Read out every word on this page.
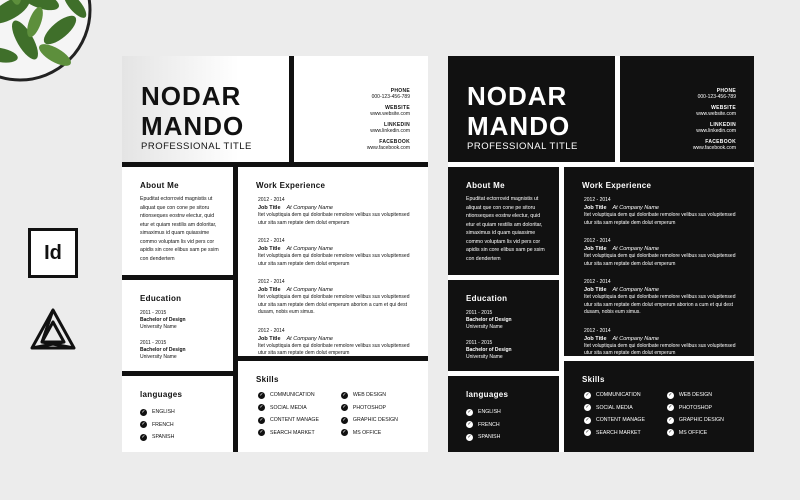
Id
NODAR
MANDO
PROFESSIONAL TITLE
PHONE
000-123-456-789
WEBSITE
www.website.com
LINKEDIN
www.linkedin.com
FACEBOOK
www.facebook.com
About Me
Epuditat ectorrovid magnistis ut aliquat que con cone pe sitoru ntionseques eostrw electur, quid etur et quiam restilis am doloritar, simaximus id quam quiassime commo voluptam lis vid pers cor apidis sin core elibus sam pe ssim con dendertem
Education
2011 - 2015
Bachelor of Design
University Name
2011 - 2015
Bachelor of Design
University Name
languages
✓ ENGLISH
✓ FRENCH
✓ SPANISH
Work Experience
2012 - 2014
Job Title At Company Name
Itet voluptiquia dem qui doloribate remolore velibus sus volupitensed utur sita sam reptate dem dolut emperum
2012 - 2014
Job Title At Company Name
Itet voluptiquia dem qui doloribate remolore velibus sus volupitensed utur sita sam reptate dem dolut emperum
2012 - 2014
Job Title At Company Name
Itet voluptiquia dem qui doloribate remolore velibus sus volupitensed utur sita sam reptate dem dolut emperum aborion a cum et qui dest dusam, nobis eum simus.
2012 - 2014
Job Title At Company Name
Itet voluptiquia dem qui doloribate remolore velibus sus volupitensed utur sita sam reptate dem dolut emperum
Skills
✓ COMMUNICATION
✓ SOCIAL MEDIA
✓ CONTENT MANAGE
✓ SEARCH MARKET
✓ WEB DESIGN
✓ PHOTOSHOP
✓ GRAPHIC DESIGN
✓ MS OFFICE
NODAR
MANDO
PROFESSIONAL TITLE
PHONE
000-123-456-789
WEBSITE
www.website.com
LINKEDIN
www.linkedin.com
FACEBOOK
www.facebook.com
About Me
Epuditat ectorrovid magnistis ut aliquat que con cone pe sitoru ntionseques eostrw electur, quid etur et quiam restilis am doloritar, simaximus id quam quiassime commo voluptam lis vid pers cor apidis sin core elibus sam pe ssim con dendertem
Education
2011 - 2015
Bachelor of Design
University Name
2011 - 2015
Bachelor of Design
University Name
languages
✓ ENGLISH
✓ FRENCH
✓ SPANISH
Work Experience
2012 - 2014
Job Title At Company Name
Itet voluptiquia dem qui doloribate remolore velibus sus volupitensed utur sita sam reptate dem dolut emperum
2012 - 2014
Job Title At Company Name
Itet voluptiquia dem qui doloribate remolore velibus sus volupitensed utur sita sam reptate dem dolut emperum
2012 - 2014
Job Title At Company Name
Itet voluptiquia dem qui doloribate remolore velibus sus volupitensed utur sita sam reptate dem dolut emperum aborion a cum et qui dest dusam, nobis eum simus.
2012 - 2014
Job Title At Company Name
Itet voluptiquia dem qui doloribate remolore velibus sus volupitensed utur sita sam reptate dem dolut emperum
Skills
✓ COMMUNICATION
✓ SOCIAL MEDIA
✓ CONTENT MANAGE
✓ SEARCH MARKET
✓ WEB DESIGN
✓ PHOTOSHOP
✓ GRAPHIC DESIGN
✓ MS OFFICE
